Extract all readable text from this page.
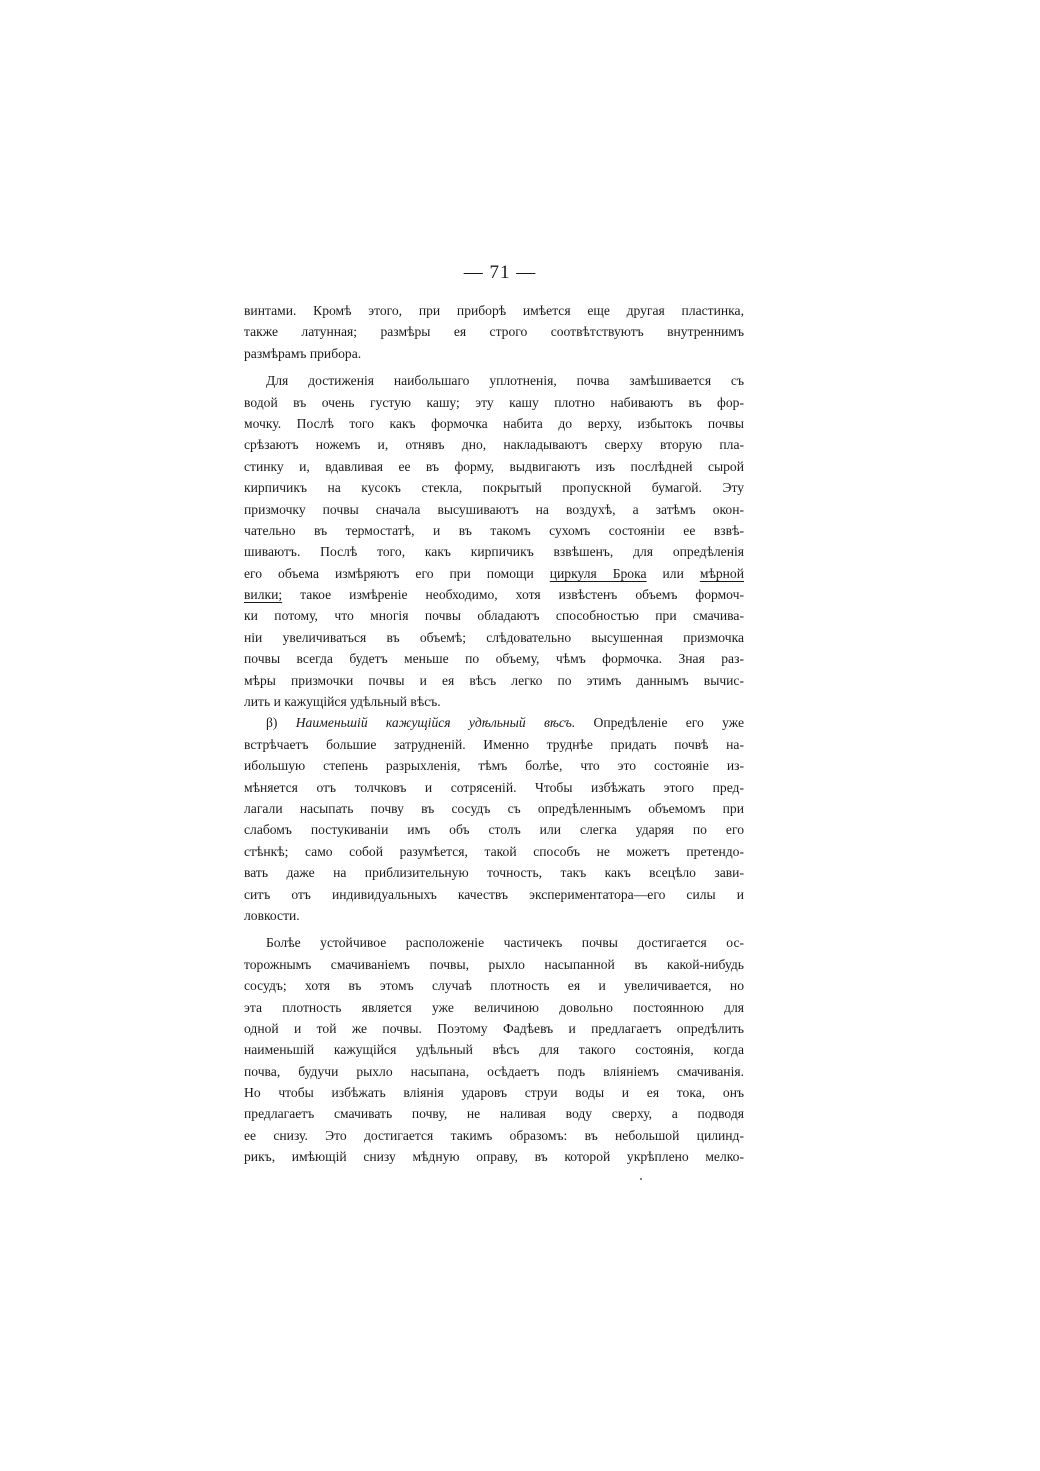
— 71 —
винтами. Кромѣ этого, при приборѣ имѣется еще другая пластинка,
также латунная; размѣры ея строго соотвѣтствуютъ внутреннимъ
размѣрамъ прибора.
Для достиженія наибольшаго уплотненія, почва замѣшивается съ
водой въ очень густую кашу; эту кашу плотно набиваютъ въ фор-
мочку. Послѣ того какъ формочка набита до верху, избытокъ почвы
срѣзаютъ ножемъ и, отнявъ дно, накладываютъ сверху вторую пла-
стинку и, вдавливая ее въ форму, выдвигаютъ изъ послѣдней сырой
кирпичикъ на кусокъ стекла, покрытый пропускной бумагой. Эту
призмочку почвы сначала высушиваютъ на воздухѣ, а затѣмъ окон-
чательно въ термостатѣ, и въ такомъ сухомъ состояніи ее взвѣ-
шиваютъ. Послѣ того, какъ кирпичикъ взвѣшенъ, для опредѣленія
его объема измѣряютъ его при помощи циркуля Брока или мѣрной
вилки; такое измѣреніе необходимо, хотя извѣстенъ объемъ формоч-
ки потому, что многія почвы обладаютъ способностью при смачива-
ніи увеличиваться въ объемѣ; слѣдовательно высушенная призмочка
почвы всегда будетъ меньше по объему, чѣмъ формочка. Зная раз-
мѣры призмочки почвы и ея вѣсъ легко по этимъ даннымъ вычис-
лить и кажущійся удѣльный вѣсъ.
β) Наименьшій кажущійся удѣльный вѣсъ. Опредѣленіе его уже
встрѣчаетъ большие затрудненій. Именно труднѣе придать почвѣ на-
ибольшую степень разрыхленія, тѣмъ болѣе, что это состояніе из-
мѣняется отъ толчковъ и сотрясеній. Чтобы избѣжать этого пред-
лагали насыпать почву въ сосудъ съ опредѣленнымъ объемомъ при
слабомъ постукиваніи имъ объ столъ или слегка ударяя по его
стѣнкѣ; само собой разумѣется, такой способъ не можетъ претендо-
вать даже на приблизительную точность, такъ какъ всецѣло зави-
ситъ отъ индивидуальныхъ качествъ экспериментатора—его силы и
ловкости.
Болѣе устойчивое расположеніе частичекъ почвы достигается ос-
торожнымъ смачиваніемъ почвы, рыхло насыпанной въ какой-нибудь
сосудъ; хотя въ этомъ случаѣ плотность ея и увеличивается, но
эта плотность является уже величиною довольно постоянною для
одной и той же почвы. Поэтому Фадѣевъ и предлагаетъ опредѣлить
наименьшій кажущійся удѣльный вѣсъ для такого состоянія, когда
почва, будучи рыхло насыпана, осѣдаетъ подъ вліяніемъ смачиванія.
Но чтобы избѣжать вліянія ударовъ струи воды и ея тока, онъ
предлагаетъ смачивать почву, не наливая воду сверху, а подводя
ее снизу. Это достигается такимъ образомъ: въ небольшой цилинд-
рикъ, имѣющій снизу мѣдную оправу, въ которой укрѣплено мелко-
